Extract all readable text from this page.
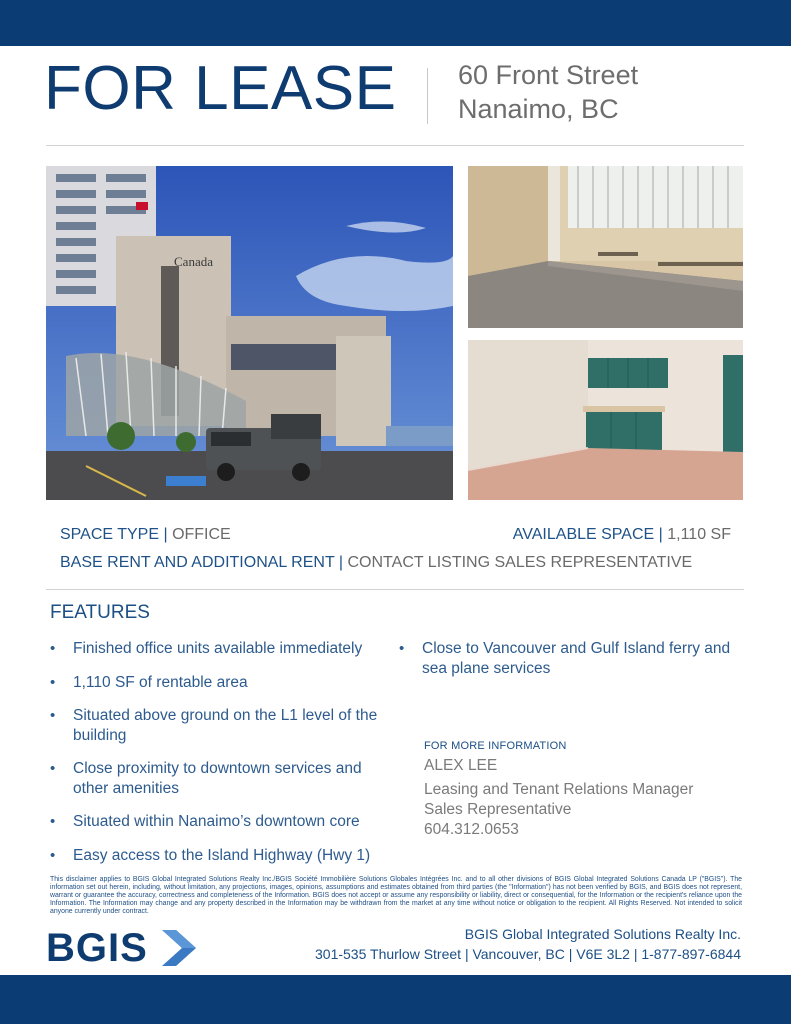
FOR LEASE 60 Front Street
Nanaimo, BC
Canada
SPACE TYPE | OFFICE	AVAILABLE SPACE | 1,110 SF
BASE RENT AND ADDITIONAL RENT | CONTACT LISTING SALES REPRESENTATIVE
FEATURES
• Finished office units available immediately
• 1,110 SF of rentable area
• Situated above ground on the L1 level of the building
• Close proximity to downtown services and other amenities
• Situated within Nanaimo’s downtown core
• Easy access to the Island Highway (Hwy 1)
• Close to Vancouver and Gulf Island ferry and sea plane services
FOR MORE INFORMATION
ALEX LEE
Leasing and Tenant Relations Manager
Sales Representative
604.312.0653
This disclaimer applies to BGIS Global Integrated Solutions Realty Inc./BGIS Société Immobilière Solutions Globales Intégrées Inc. and to all other divisions of BGIS Global Integrated Solutions Canada LP ("BGIS"). The information set out herein, including, without limitation, any projections, images, opinions, assumptions and estimates obtained from third parties (the "Information") has not been verified by BGIS, and BGIS does not represent, warrant or guarantee the accuracy, correctness and completeness of the Information. BGIS does not accept or assume any responsibility or liability, direct or consequential, for the Information or the recipient's reliance upon the Information. The Information may change and any property described in the Information may be withdrawn from the market at any time without notice or obligation to the recipient. All Rights Reserved. Not intended to solicit anyone currently under contract.
BGIS	BGIS Global Integrated Solutions Realty Inc.
301-535 Thurlow Street | Vancouver, BC | V6E 3L2 | 1-877-897-6844
